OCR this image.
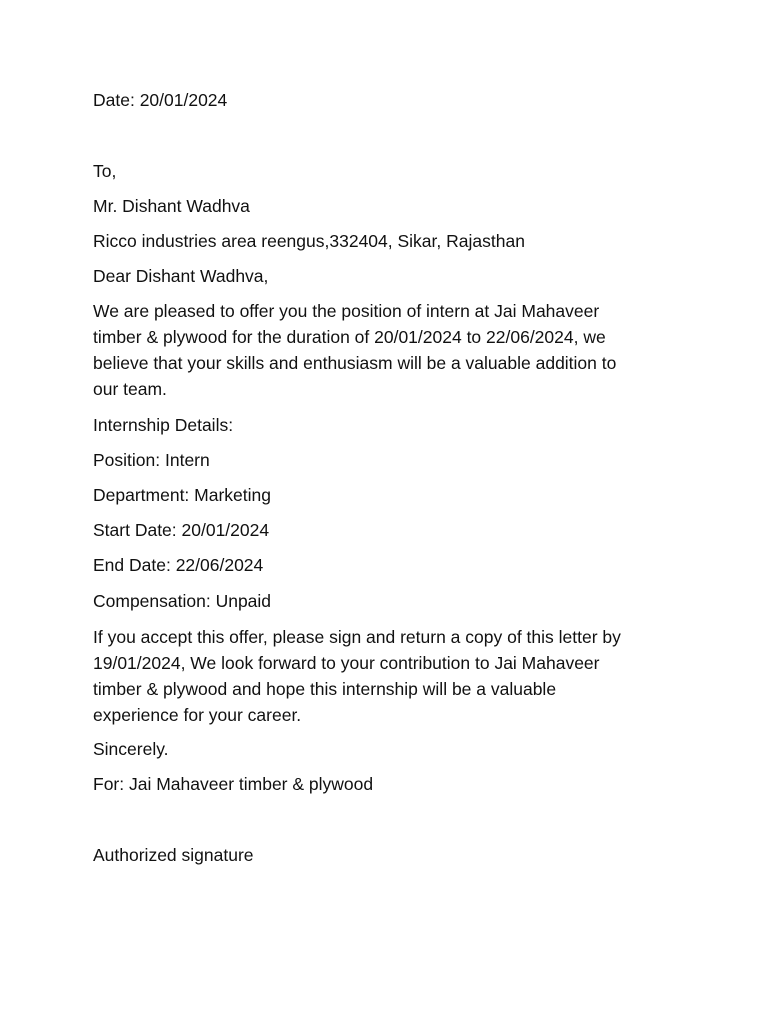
Date: 20/01/2024

To,

Mr. Dishant Wadhva

Ricco industries area reengus,332404, Sikar, Rajasthan

Dear Dishant Wadhva,

We are pleased to offer you the position of intern at Jai Mahaveer

timber & plywood for the duration of 20/01/2024 to 22/06/2024, we

believe that your skills and enthusiasm will be a valuable addition to

our team.

Internship Details:

Position: Intern

Department: Marketing

Start Date: 20/01/2024

End Date: 22/06/2024

Compensation: Unpaid

If you accept this offer, please sign and return a copy of this letter by

19/01/2024, We look forward to your contribution to Jai Mahaveer

timber & plywood and hope this internship will be a valuable

experience for your career.

Sincerely.

For: Jai Mahaveer timber & plywood

Authorized signature
